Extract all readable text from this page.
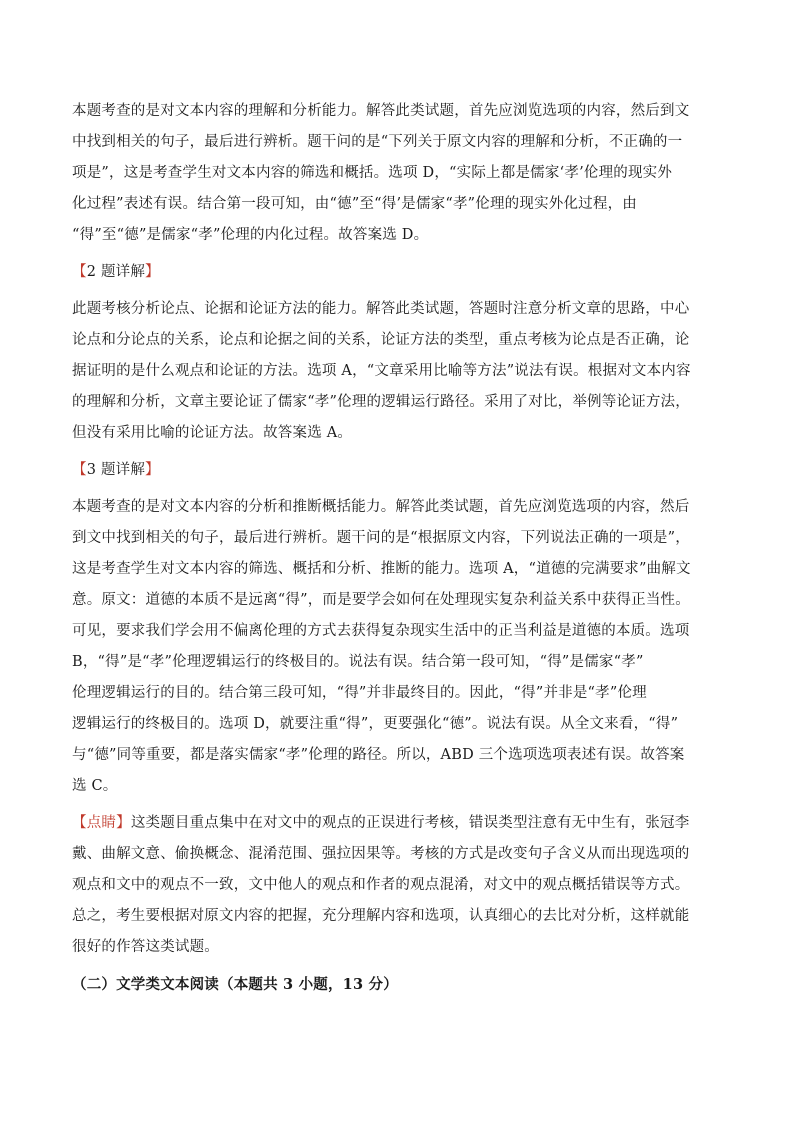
本题考查的是对文本内容的理解和分析能力。解答此类试题，首先应浏览选项的内容，然后到文
中找到相关的句子，最后进行辨析。题干问的是“下列关于原文内容的理解和分析，不正确的一
项是”，这是考查学生对文本内容的筛选和概括。选项 D，“实际上都是儒家‘孝’伦理的现实外
化过程”表述有误。结合第一段可知，由“德”至“得’是儒家“孝”伦理的现实外化过程，由
“得”至“德”是儒家“孝”伦理的内化过程。故答案选 D。
【2 题详解】
此题考核分析论点、论据和论证方法的能力。解答此类试题，答题时注意分析文章的思路，中心
论点和分论点的关系，论点和论据之间的关系，论证方法的类型，重点考核为论点是否正确，论
据证明的是什么观点和论证的方法。选项 A，“文章采用比喻等方法”说法有误。根据对文本内容
的理解和分析，文章主要论证了儒家“孝”伦理的逻辑运行路径。采用了对比，举例等论证方法，
但没有采用比喻的论证方法。故答案选 A。
【3 题详解】
本题考查的是对文本内容的分析和推断概括能力。解答此类试题，首先应浏览选项的内容，然后
到文中找到相关的句子，最后进行辨析。题干问的是“根据原文内容，下列说法正确的一项是”，
这是考查学生对文本内容的筛选、概括和分析、推断的能力。选项 A，“道德的完满要求”曲解文
意。原文：道德的本质不是远离“得”，而是要学会如何在处理现实复杂利益关系中获得正当性。
可见，要求我们学会用不偏离伦理的方式去获得复杂现实生活中的正当利益是道德的本质。选项
B，“得”是“孝”伦理逻辑运行的终极目的。说法有误。结合第一段可知，“得”是儒家“孝”
伦理逻辑运行的目的。结合第三段可知，“得”并非最终目的。因此，“得”并非是“孝”伦理
逻辑运行的终极目的。选项 D，就要注重“得”，更要强化“德”。说法有误。从全文来看，“得”
与“德”同等重要，都是落实儒家“孝”伦理的路径。所以，ABD 三个选项选项表述有误。故答案
选 C。
【点睛】这类题目重点集中在对文中的观点的正误进行考核，错误类型注意有无中生有，张冠李
戴、曲解文意、偷换概念、混淆范围、强拉因果等。考核的方式是改变句子含义从而出现选项的
观点和文中的观点不一致，文中他人的观点和作者的观点混淆，对文中的观点概括错误等方式。
总之，考生要根据对原文内容的把握，充分理解内容和选项，认真细心的去比对分析，这样就能
很好的作答这类试题。
（二）文学类文本阅读（本题共 3 小题，13 分）
